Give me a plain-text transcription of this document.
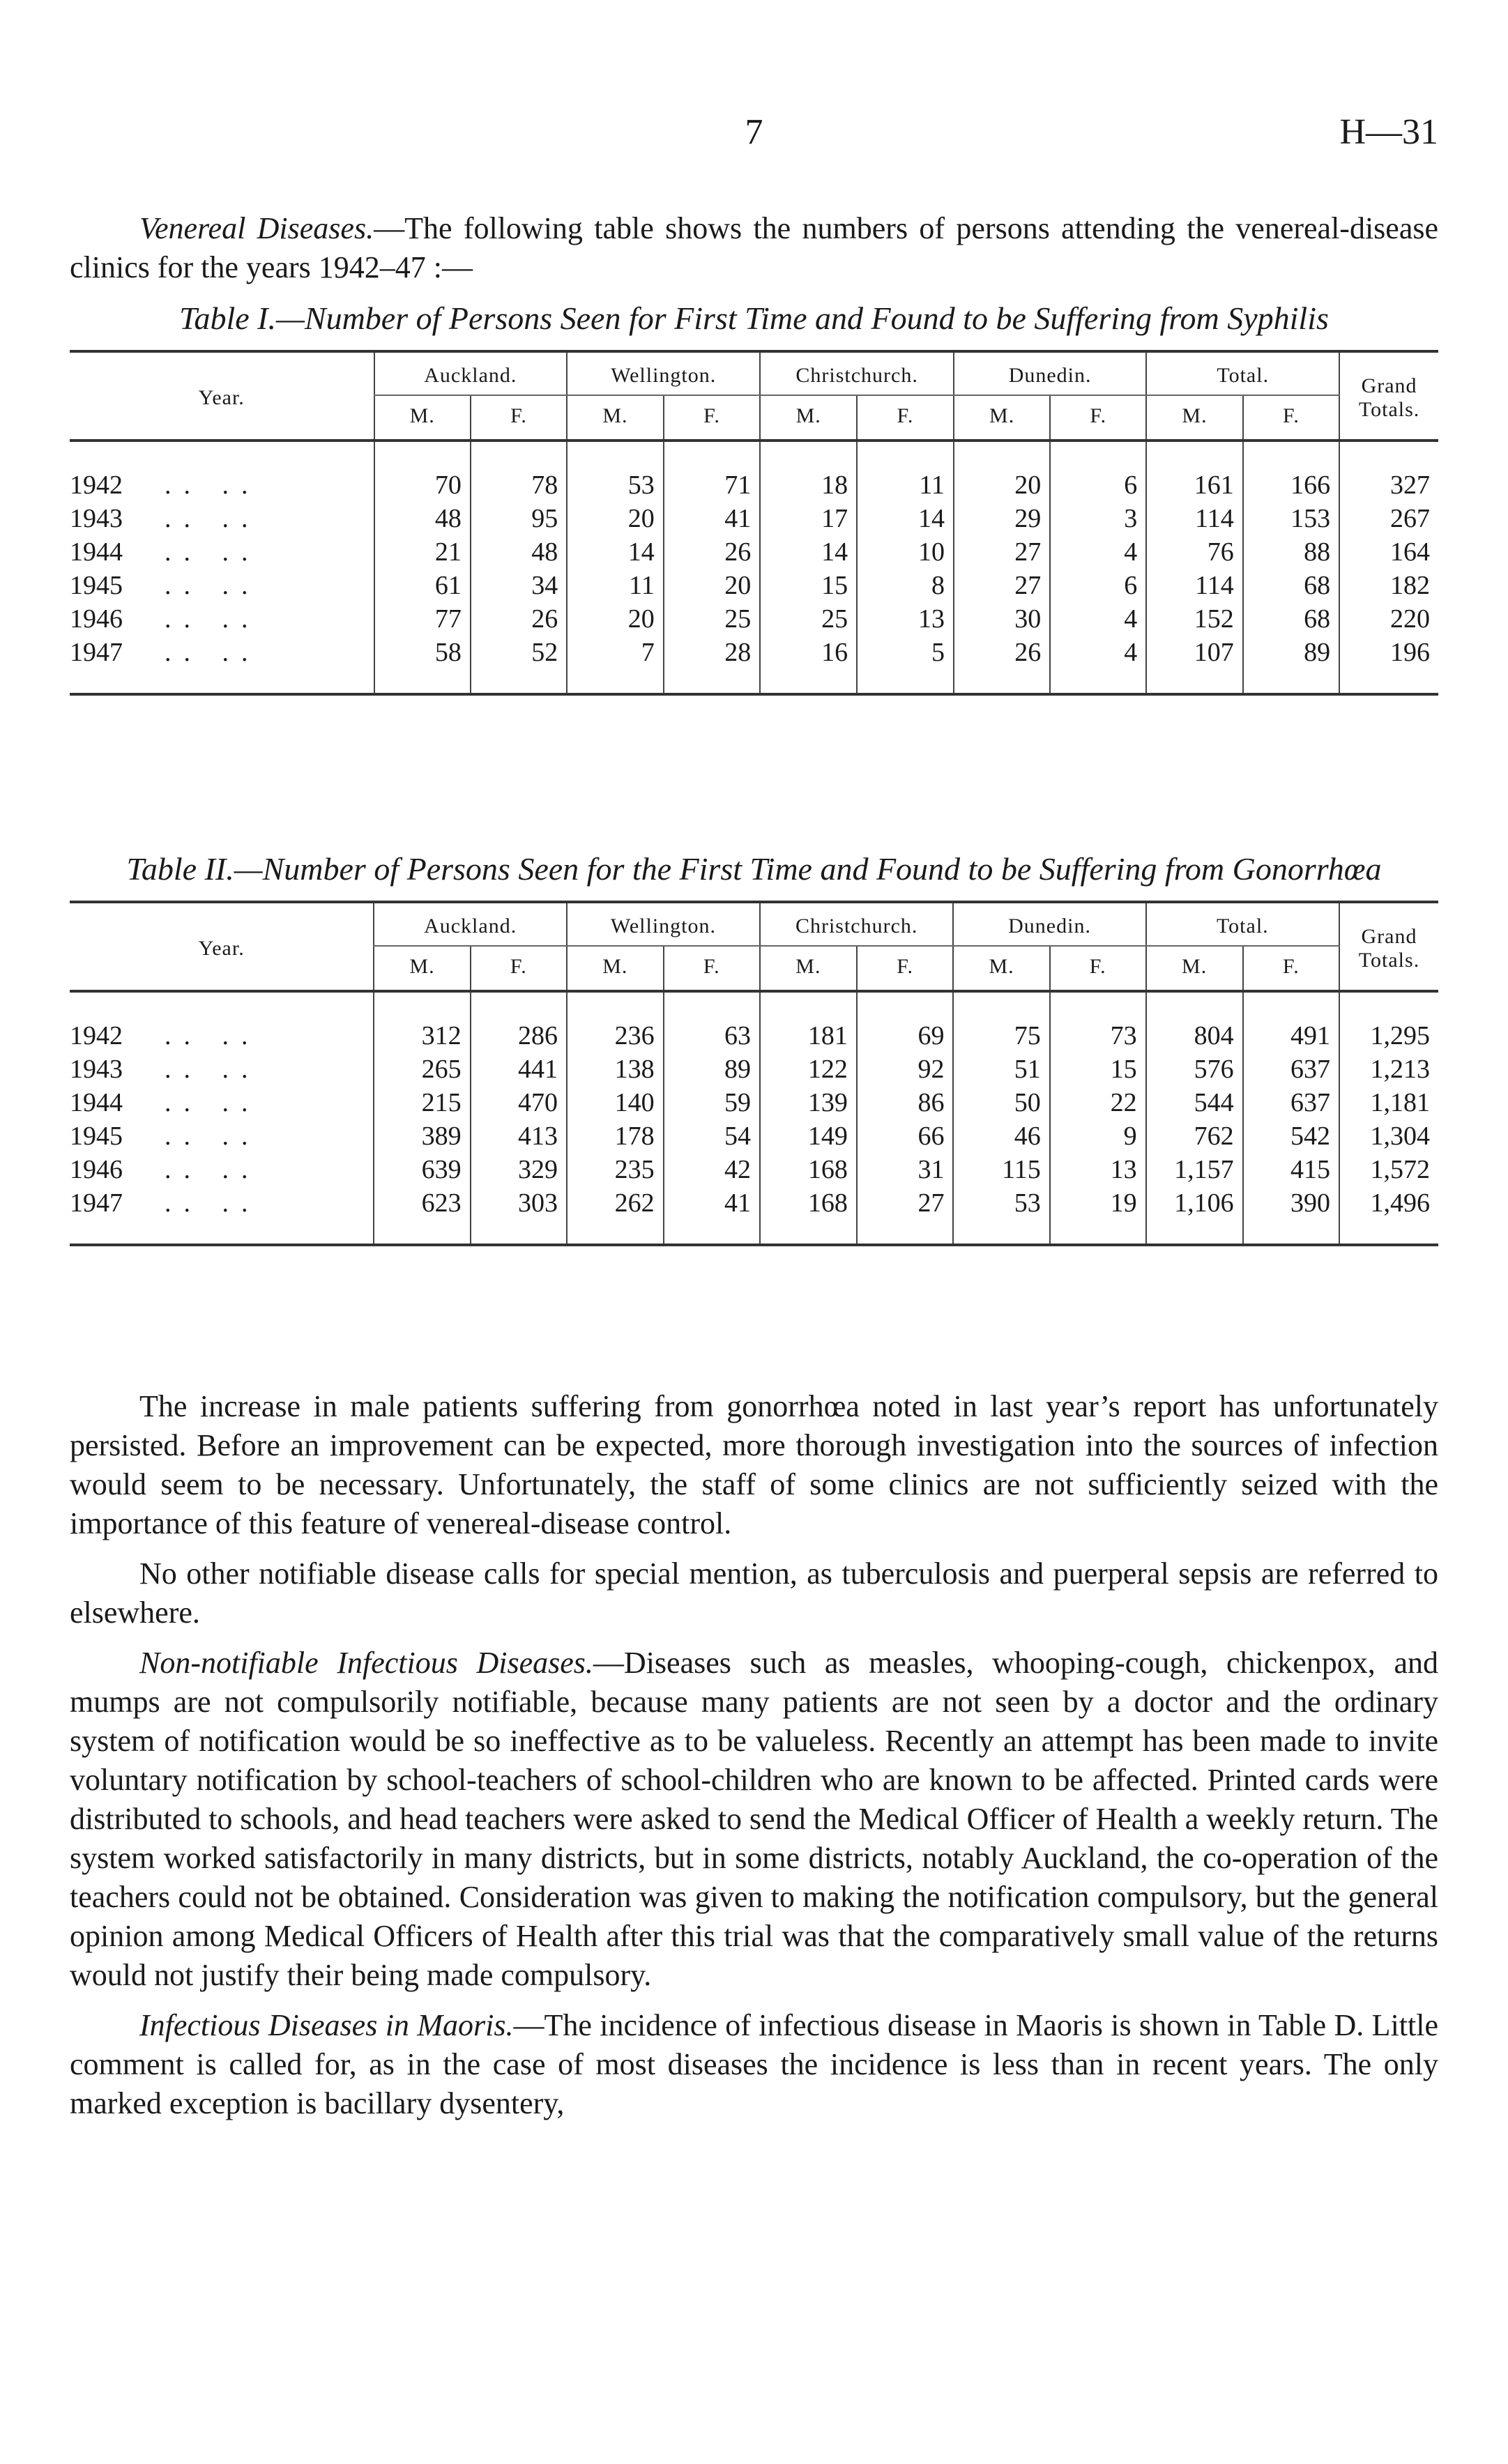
7	H—31

Venereal Diseases.—The following table shows the numbers of persons attending the venereal-disease clinics for the years 1942–47 :—

Table I.—Number of Persons Seen for First Time and Found to be Suffering from Syphilis

Year.	Auckland.		Wellington.		Christchurch.		Dunedin.		Total.		Grand Totals.
	M.	F.	M.	F.	M.	F.	M.	F.	M.	F.	
1942 .. ..	70	78	53	71	18	11	20	6	161	166	327
1943 .. ..	48	95	20	41	17	14	29	3	114	153	267
1944 .. ..	21	48	14	26	14	10	27	4	76	88	164
1945 .. ..	61	34	11	20	15	8	27	6	114	68	182
1946 .. ..	77	26	20	25	25	13	30	4	152	68	220
1947 .. ..	58	52	7	28	16	5	26	4	107	89	196

Table II.—Number of Persons Seen for the First Time and Found to be Suffering from Gonorrhœa

Year.	Auckland.		Wellington.		Christchurch.		Dunedin.		Total.		Grand Totals.
	M.	F.	M.	F.	M.	F.	M.	F.	M.	F.	
1942 .. ..	312	286	236	63	181	69	75	73	804	491	1,295
1943 .. ..	265	441	138	89	122	92	51	15	576	637	1,213
1944 .. ..	215	470	140	59	139	86	50	22	544	637	1,181
1945 .. ..	389	413	178	54	149	66	46	9	762	542	1,304
1946 .. ..	639	329	235	42	168	31	115	13	1,157	415	1,572
1947 .. ..	623	303	262	41	168	27	53	19	1,106	390	1,496

The increase in male patients suffering from gonorrhœa noted in last year’s report has unfortunately persisted. Before an improvement can be expected, more thorough investigation into the sources of infection would seem to be necessary. Unfortunately, the staff of some clinics are not sufficiently seized with the importance of this feature of venereal-disease control.

No other notifiable disease calls for special mention, as tuberculosis and puerperal sepsis are referred to elsewhere.

Non-notifiable Infectious Diseases.—Diseases such as measles, whooping-cough, chickenpox, and mumps are not compulsorily notifiable, because many patients are not seen by a doctor and the ordinary system of notification would be so ineffective as to be valueless. Recently an attempt has been made to invite voluntary notification by school-teachers of school-children who are known to be affected. Printed cards were distributed to schools, and head teachers were asked to send the Medical Officer of Health a weekly return. The system worked satisfactorily in many districts, but in some districts, notably Auckland, the co-operation of the teachers could not be obtained. Consideration was given to making the notification compulsory, but the general opinion among Medical Officers of Health after this trial was that the comparatively small value of the returns would not justify their being made compulsory.

Infectious Diseases in Maoris.—The incidence of infectious disease in Maoris is shown in Table D. Little comment is called for, as in the case of most diseases the incidence is less than in recent years. The only marked exception is bacillary dysentery,
